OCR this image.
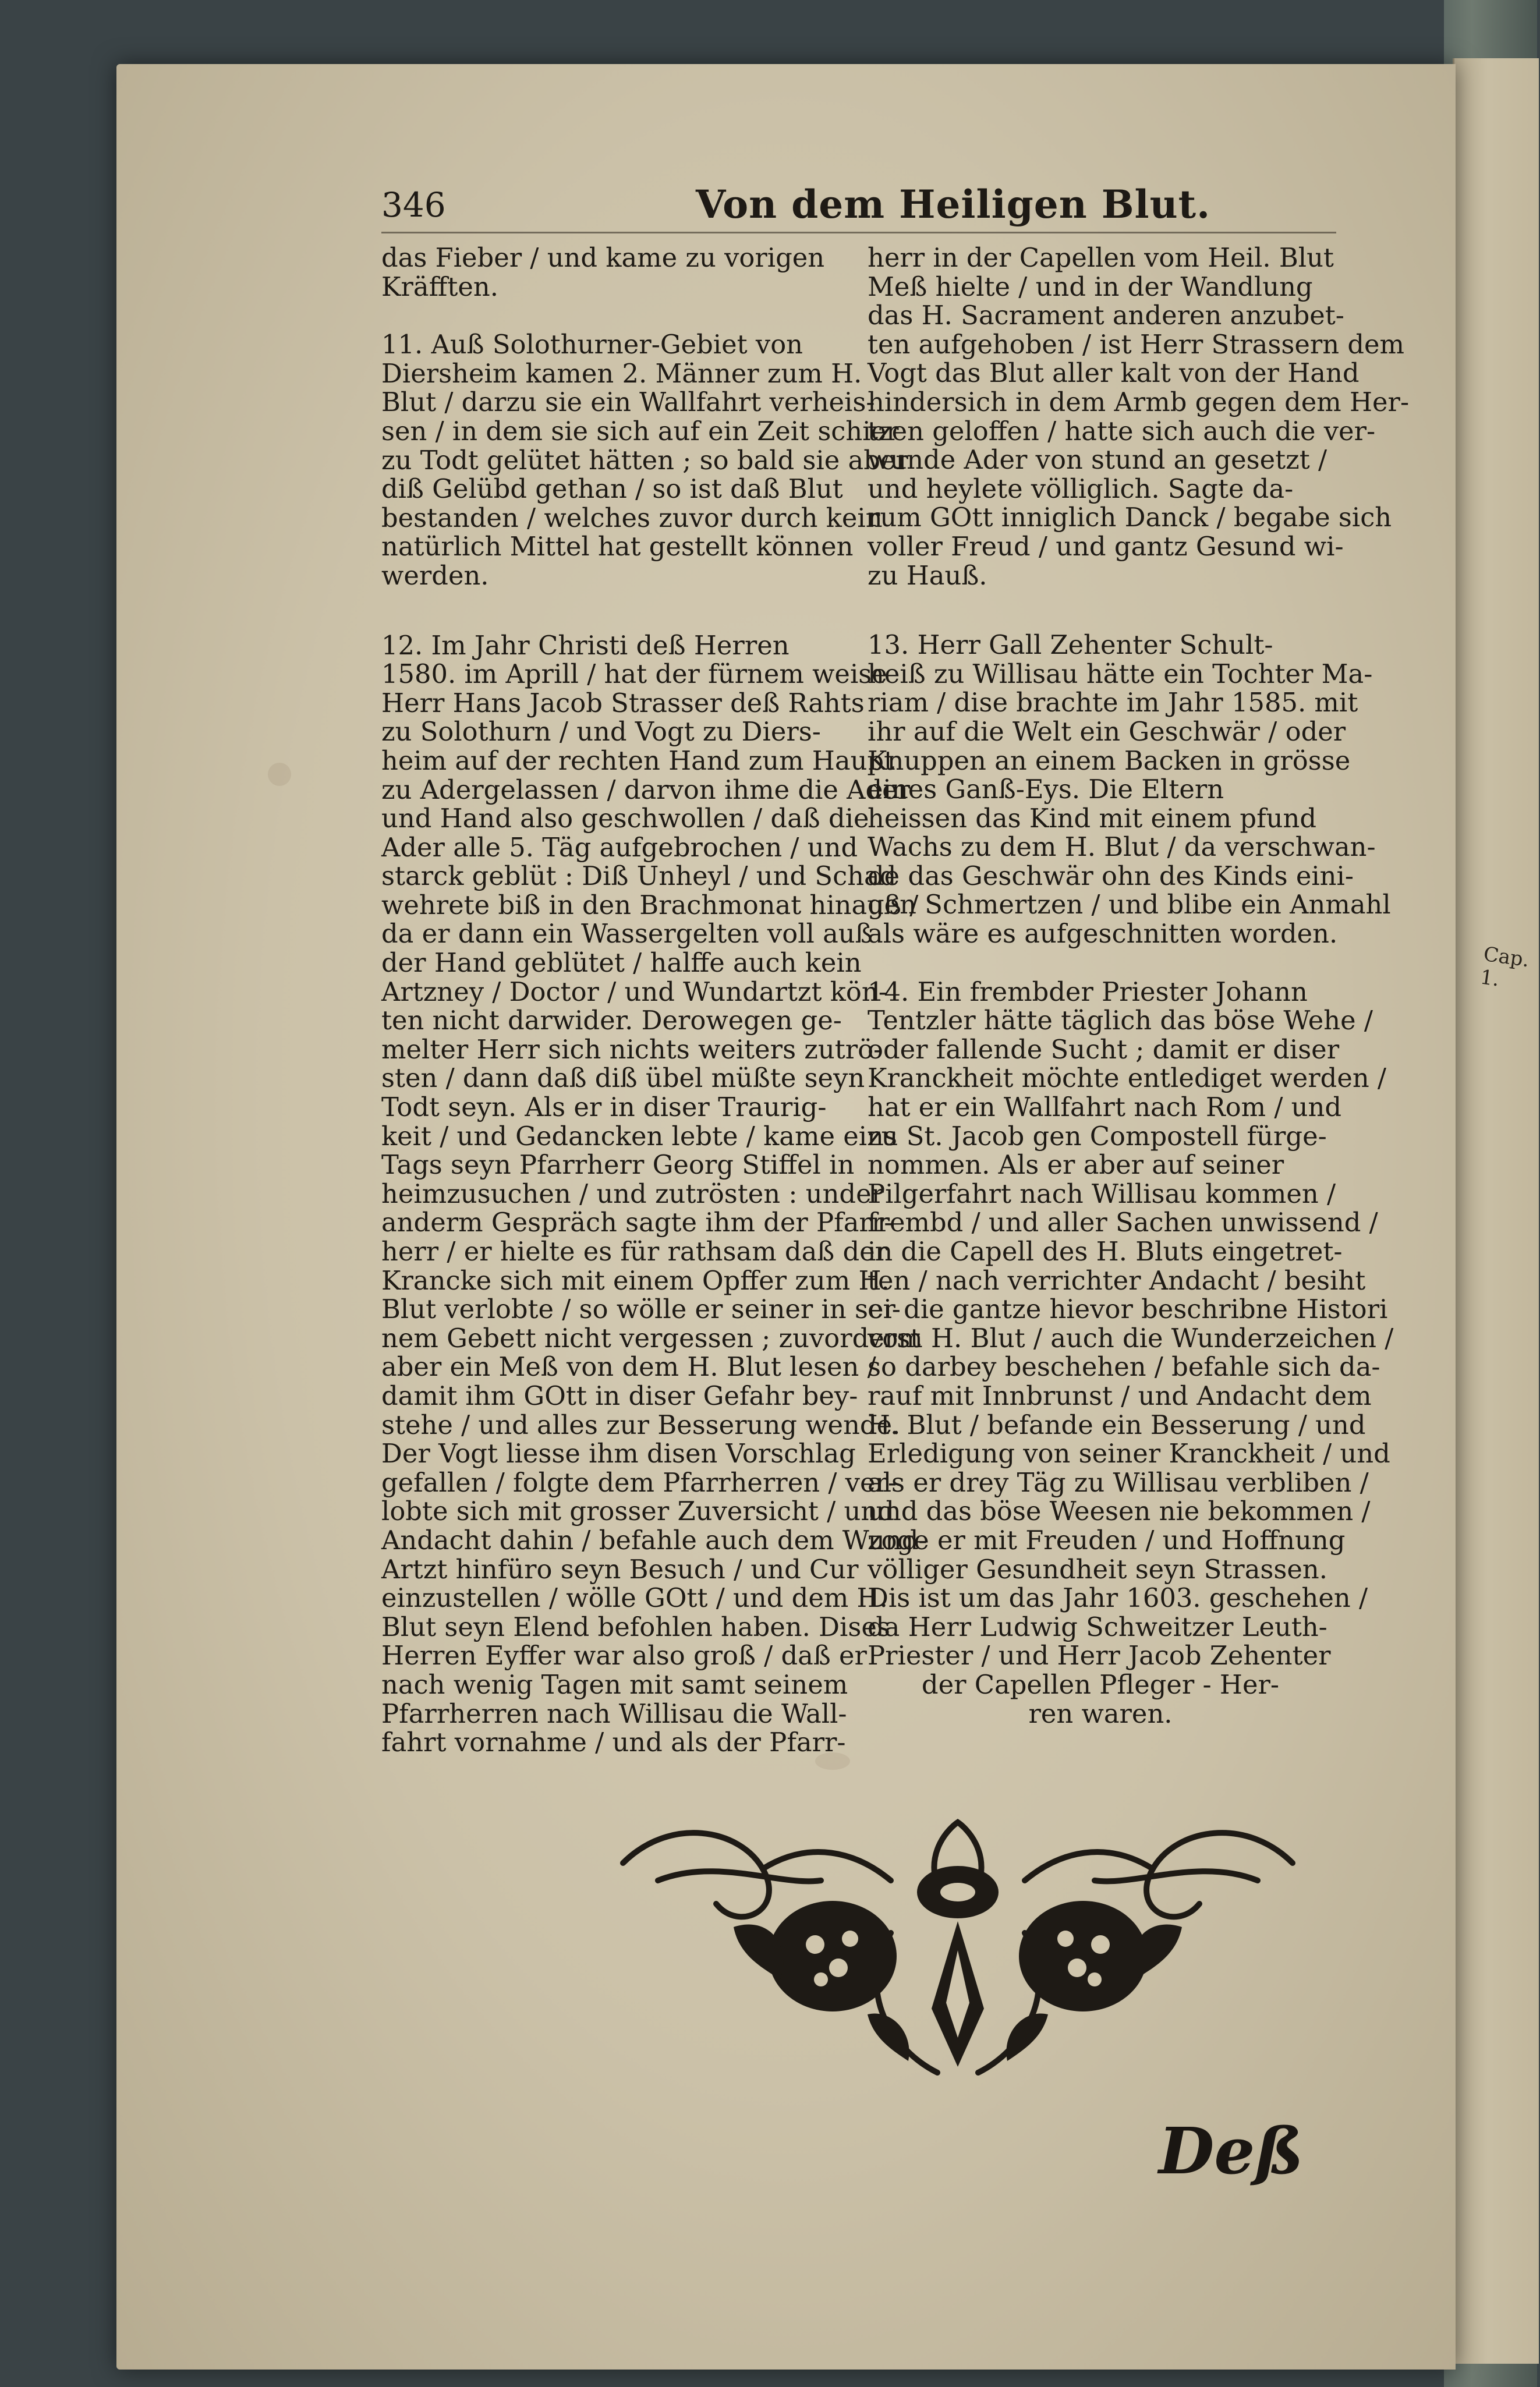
Cap. 1.
346	Von dem Heiligen Blut.

das Fieber / und kame zu vorigen
Kräfften.

11. Auß Solothurner-Gebiet von
Diersheim kamen 2. Männer zum H.
Blut / darzu sie ein Wallfahrt verheis-
sen / in dem sie sich auf ein Zeit schier
zu Todt gelütet hätten ; so bald sie aber
diß Gelübd gethan / so ist daß Blut
bestanden / welches zuvor durch kein
natürlich Mittel hat gestellt können
werden.

12. Im Jahr Christi deß Herren
1580. im Aprill / hat der fürnem weise
Herr Hans Jacob Strasser deß Rahts
zu Solothurn / und Vogt zu Diers-
heim auf der rechten Hand zum Haupt
zu Adergelassen / darvon ihme die Ader
und Hand also geschwollen / daß die
Ader alle 5. Täg aufgebrochen / und
starck geblüt : Diß Unheyl / und Schad
wehrete biß in den Brachmonat hinauß /
da er dann ein Wassergelten voll auß
der Hand geblütet / halffe auch kein
Artzney / Doctor / und Wundartzt kön-
ten nicht darwider. Derowegen ge-
melter Herr sich nichts weiters zutrö-
sten / dann daß diß übel müßte seyn
Todt seyn. Als er in diser Traurig-
keit / und Gedancken lebte / kame eins
Tags seyn Pfarrherr Georg Stiffel in
heimzusuchen / und zutrösten : under
anderm Gespräch sagte ihm der Pfarr-
herr / er hielte es für rathsam daß der
Krancke sich mit einem Opffer zum H.
Blut verlobte / so wölle er seiner in sei-
nem Gebett nicht vergessen ; zuvorderst
aber ein Meß von dem H. Blut lesen /
damit ihm GOtt in diser Gefahr bey-
stehe / und alles zur Besserung wende.
Der Vogt liesse ihm disen Vorschlag
gefallen / folgte dem Pfarrherren / ver-
lobte sich mit grosser Zuversicht / und
Andacht dahin / befahle auch dem Wund-
Artzt hinfüro seyn Besuch / und Cur
einzustellen / wölle GOtt / und dem H.
Blut seyn Elend befohlen haben. Dises
Herren Eyffer war also groß / daß er
nach wenig Tagen mit samt seinem
Pfarrherren nach Willisau die Wall-
fahrt vornahme / und als der Pfarr-

herr in der Capellen vom Heil. Blut
Meß hielte / und in der Wandlung
das H. Sacrament anderen anzubet-
ten aufgehoben / ist Herr Strassern dem
Vogt das Blut aller kalt von der Hand
hindersich in dem Armb gegen dem Her-
tzen geloffen / hatte sich auch die ver-
wunde Ader von stund an gesetzt /
und heylete völliglich. Sagte da-
rum GOtt inniglich Danck / begabe sich
voller Freud / und gantz Gesund wi-
zu Hauß.

13. Herr Gall Zehenter Schult-
heiß zu Willisau hätte ein Tochter Ma-
riam / dise brachte im Jahr 1585. mit
ihr auf die Welt ein Geschwär / oder
Knuppen an einem Backen in grösse
eines Ganß-Eys. Die Eltern
heissen das Kind mit einem pfund
Wachs zu dem H. Blut / da verschwan-
de das Geschwär ohn des Kinds eini-
gen Schmertzen / und blibe ein Anmahl
als wäre es aufgeschnitten worden.

14. Ein frembder Priester Johann
Tentzler hätte täglich das böse Wehe /
oder fallende Sucht ; damit er diser
Kranckheit möchte entlediget werden /
hat er ein Wallfahrt nach Rom / und
zu St. Jacob gen Compostell fürge-
nommen. Als er aber auf seiner
Pilgerfahrt nach Willisau kommen /
frembd / und aller Sachen unwissend /
in die Capell des H. Bluts eingetret-
ten / nach verrichter Andacht / besiht
er die gantze hievor beschribne Histori
vom H. Blut / auch die Wunderzeichen /
so darbey beschehen / befahle sich da-
rauf mit Innbrunst / und Andacht dem
H. Blut / befande ein Besserung / und
Erledigung von seiner Kranckheit / und
als er drey Täg zu Willisau verbliben /
und das böse Weesen nie bekommen /
zoge er mit Freuden / und Hoffnung
völliger Gesundheit seyn Strassen.
Dis ist um das Jahr 1603. geschehen /
da Herr Ludwig Schweitzer Leuth-
Priester / und Herr Jacob Zehenter

der Capellen Pfleger - Her-
ren waren.

Deß
